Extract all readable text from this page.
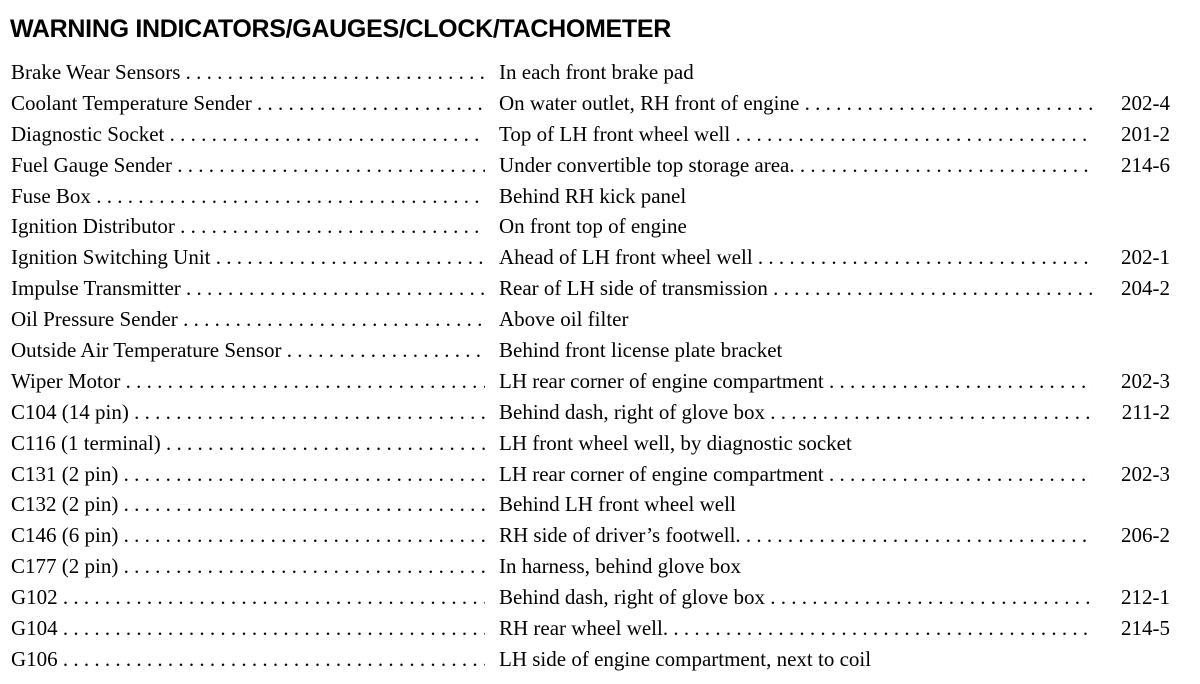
WARNING INDICATORS/GAUGES/CLOCK/TACHOMETER
Brake Wear Sensors . . .	In each front brake pad
Coolant Temperature Sender . . .	On water outlet, RH front of engine . . .	202-4
Diagnostic Socket . . .	Top of LH front wheel well . . .	201-2
Fuel Gauge Sender . . .	Under convertible top storage area. . . .	214-6
Fuse Box . . .	Behind RH kick panel
Ignition Distributor . . .	On front top of engine
Ignition Switching Unit . . .	Ahead of LH front wheel well . . .	202-1
Impulse Transmitter . . .	Rear of LH side of transmission . . .	204-2
Oil Pressure Sender . . .	Above oil filter
Outside Air Temperature Sensor . . .	Behind front license plate bracket
Wiper Motor . . .	LH rear corner of engine compartment . . .	202-3
C104 (14 pin) . . .	Behind dash, right of glove box . . .	211-2
C116 (1 terminal) . . .	LH front wheel well, by diagnostic socket
C131 (2 pin) . . .	LH rear corner of engine compartment . . .	202-3
C132 (2 pin) . . .	Behind LH front wheel well
C146 (6 pin) . . .	RH side of driver’s footwell. . . .	206-2
C177 (2 pin) . . .	In harness, behind glove box
G102 . . .	Behind dash, right of glove box . . .	212-1
G104 . . .	RH rear wheel well. . . .	214-5
G106 . . .	LH side of engine compartment, next to coil
